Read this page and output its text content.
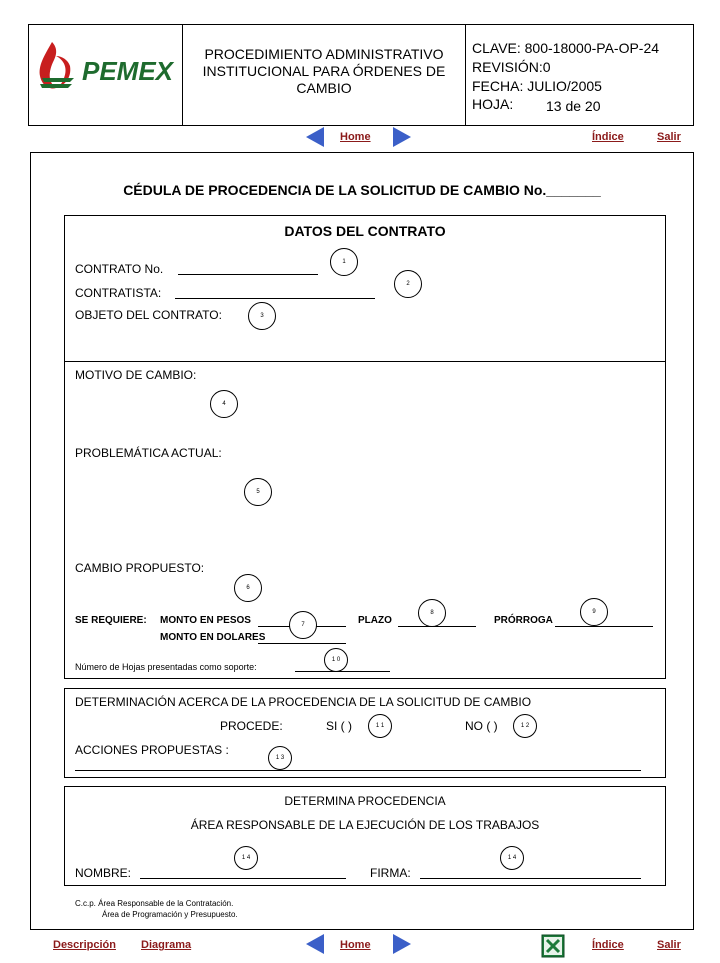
PEMEX
PROCEDIMIENTO ADMINISTRATIVO INSTITUCIONAL PARA ÓRDENES DE CAMBIO
CLAVE: 800-18000-PA-OP-24
REVISIÓN:0
FECHA: JULIO/2005
HOJA: 13 de 20
Home	Índice	Salir
CÉDULA DE PROCEDENCIA DE LA SOLICITUD DE CAMBIO No._______
DATOS DEL CONTRATO
CONTRATO No.	1
CONTRATISTA:
2
OBJETO DEL CONTRATO:	3
MOTIVO DE CAMBIO:
4
PROBLEMÁTICA ACTUAL:
5
CAMBIO PROPUESTO:
6
SE REQUIERE: MONTO EN PESOS	7	PLAZO
8
PRÓRROGA
9
MONTO EN DOLARES
Número de Hojas presentadas como soporte:
1 0
DETERMINACIÓN ACERCA DE LA PROCEDENCIA DE LA SOLICITUD DE CAMBIO
PROCEDE:	SI ( )	1 1	NO ( )	1 2
ACCIONES PROPUESTAS :
1 3
DETERMINA PROCEDENCIA
ÁREA RESPONSABLE DE LA EJECUCIÓN DE LOS TRABAJOS
NOMBRE:
1 4
FIRMA:
1 4
C.c.p. Área Responsable de la Contratación.
Área de Programación y Presupuesto.
Descripción Diagrama	Home	Índice	Salir
